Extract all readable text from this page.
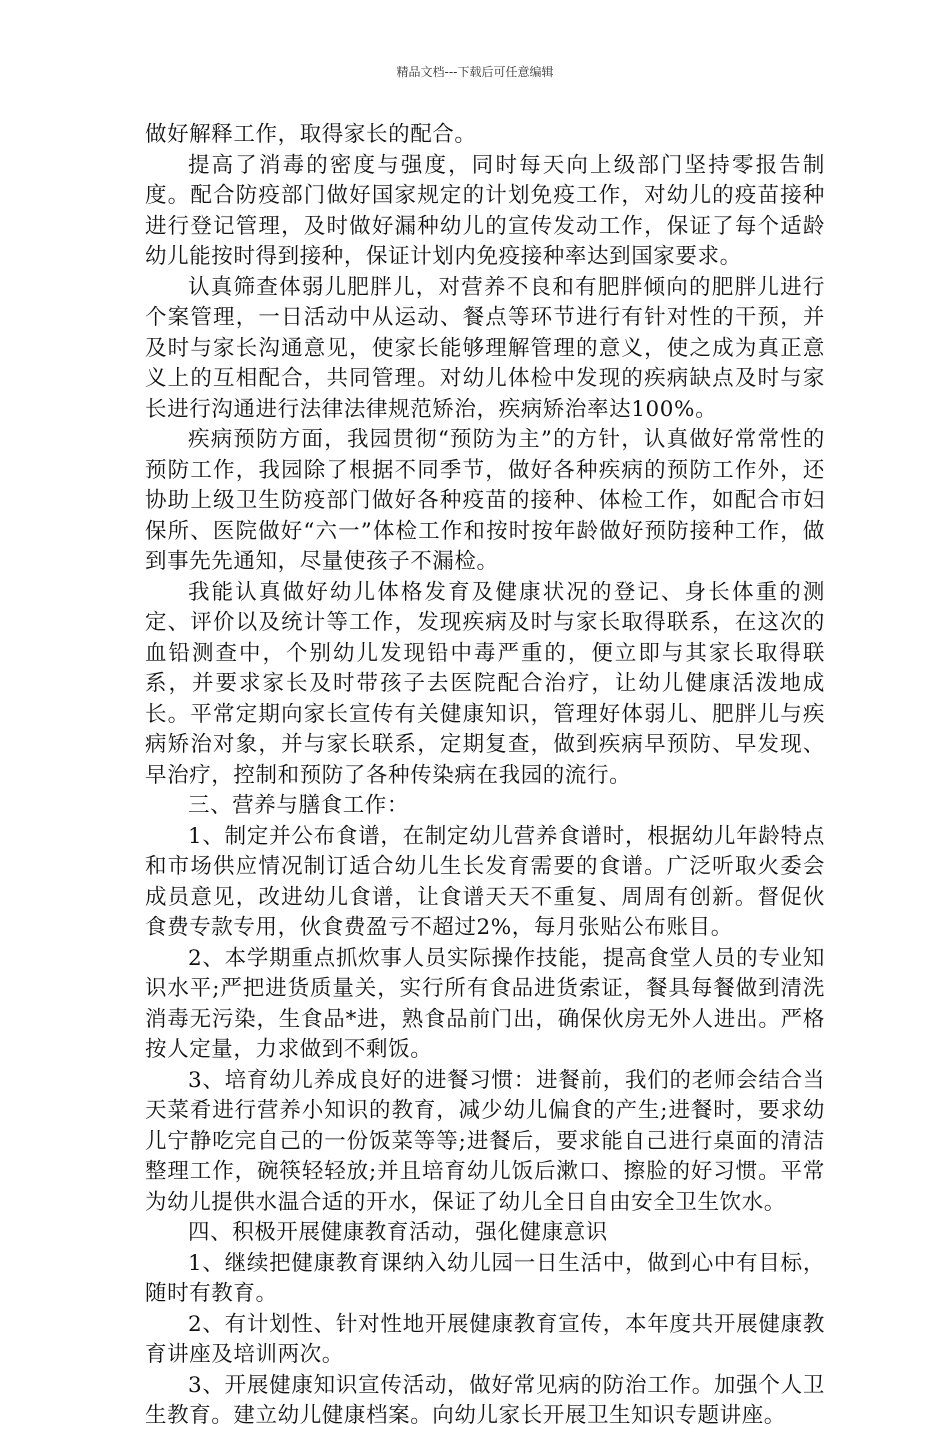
精品文档---下载后可任意编辑

做好解释工作，取得家长的配合。

提高了消毒的密度与强度，同时每天向上级部门坚持零报告制度。配合防疫部门做好国家规定的计划免疫工作，对幼儿的疫苗接种进行登记管理，及时做好漏种幼儿的宣传发动工作，保证了每个适龄幼儿能按时得到接种，保证计划内免疫接种率达到国家要求。

认真筛查体弱儿肥胖儿，对营养不良和有肥胖倾向的肥胖儿进行个案管理，一日活动中从运动、餐点等环节进行有针对性的干预，并及时与家长沟通意见，使家长能够理解管理的意义，使之成为真正意义上的互相配合，共同管理。对幼儿体检中发现的疾病缺点及时与家长进行沟通进行法律法律规范矫治，疾病矫治率达100%。

疾病预防方面，我园贯彻“预防为主”的方针，认真做好常常性的预防工作，我园除了根据不同季节，做好各种疾病的预防工作外，还协助上级卫生防疫部门做好各种疫苗的接种、体检工作，如配合市妇保所、医院做好“六一”体检工作和按时按年龄做好预防接种工作，做到事先先通知，尽量使孩子不漏检。

我能认真做好幼儿体格发育及健康状况的登记、身长体重的测定、评价以及统计等工作，发现疾病及时与家长取得联系，在这次的血铅测查中，个别幼儿发现铅中毒严重的，便立即与其家长取得联系，并要求家长及时带孩子去医院配合治疗，让幼儿健康活泼地成长。平常定期向家长宣传有关健康知识，管理好体弱儿、肥胖儿与疾病矫治对象，并与家长联系，定期复查，做到疾病早预防、早发现、早治疗，控制和预防了各种传染病在我园的流行。

三、营养与膳食工作：

1、制定并公布食谱，在制定幼儿营养食谱时，根据幼儿年龄特点和市场供应情况制订适合幼儿生长发育需要的食谱。广泛听取火委会成员意见，改进幼儿食谱，让食谱天天不重复、周周有创新。督促伙食费专款专用，伙食费盈亏不超过2%，每月张贴公布账目。

2、本学期重点抓炊事人员实际操作技能，提高食堂人员的专业知识水平;严把进货质量关，实行所有食品进货索证，餐具每餐做到清洗消毒无污染，生食品*进，熟食品前门出，确保伙房无外人进出。严格按人定量，力求做到不剩饭。

3、培育幼儿养成良好的进餐习惯：进餐前，我们的老师会结合当天菜肴进行营养小知识的教育，减少幼儿偏食的产生;进餐时，要求幼儿宁静吃完自己的一份饭菜等等;进餐后，要求能自己进行桌面的清洁整理工作，碗筷轻轻放;并且培育幼儿饭后漱口、擦脸的好习惯。平常为幼儿提供水温合适的开水，保证了幼儿全日自由安全卫生饮水。

四、积极开展健康教育活动，强化健康意识

1、继续把健康教育课纳入幼儿园一日生活中，做到心中有目标，随时有教育。

2、有计划性、针对性地开展健康教育宣传，本年度共开展健康教育讲座及培训两次。

3、开展健康知识宣传活动，做好常见病的防治工作。加强个人卫生教育。建立幼儿健康档案。向幼儿家长开展卫生知识专题讲座。
